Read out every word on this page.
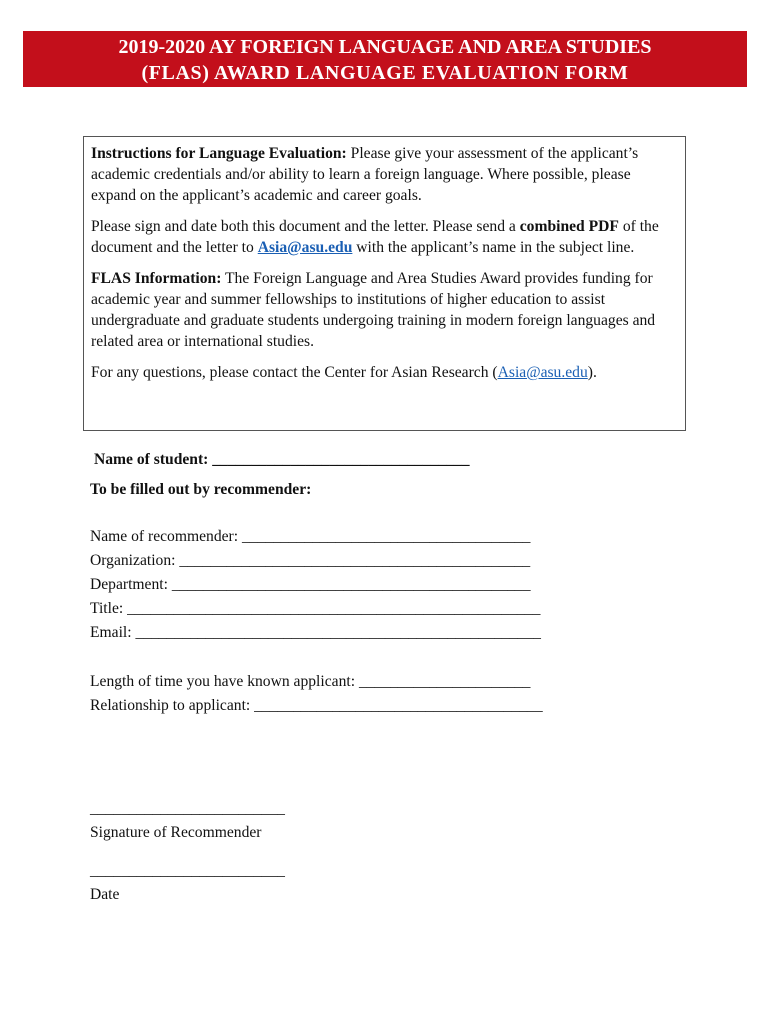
2019-2020 AY FOREIGN LANGUAGE AND AREA STUDIES
(FLAS) AWARD LANGUAGE EVALUATION FORM

Instructions for Language Evaluation: Please give your assessment of the applicant’s academic credentials and/or ability to learn a foreign language. Where possible, please expand on the applicant’s academic and career goals.

Please sign and date both this document and the letter. Please send a combined PDF of the document and the letter to Asia@asu.edu with the applicant’s name in the subject line.

FLAS Information: The Foreign Language and Area Studies Award provides funding for academic year and summer fellowships to institutions of higher education to assist undergraduate and graduate students undergoing training in modern foreign languages and related area or international studies.

For any questions, please contact the Center for Asian Research (Asia@asu.edu).

Name of student: _________________________________
To be filled out by recommender:
Name of recommender: _____________________________________
Organization: _____________________________________________
Department: ______________________________________________
Title: _____________________________________________________
Email: ____________________________________________________
Length of time you have known applicant: ______________________
Relationship to applicant: _____________________________________
_________________________
Signature of Recommender
_________________________
Date
